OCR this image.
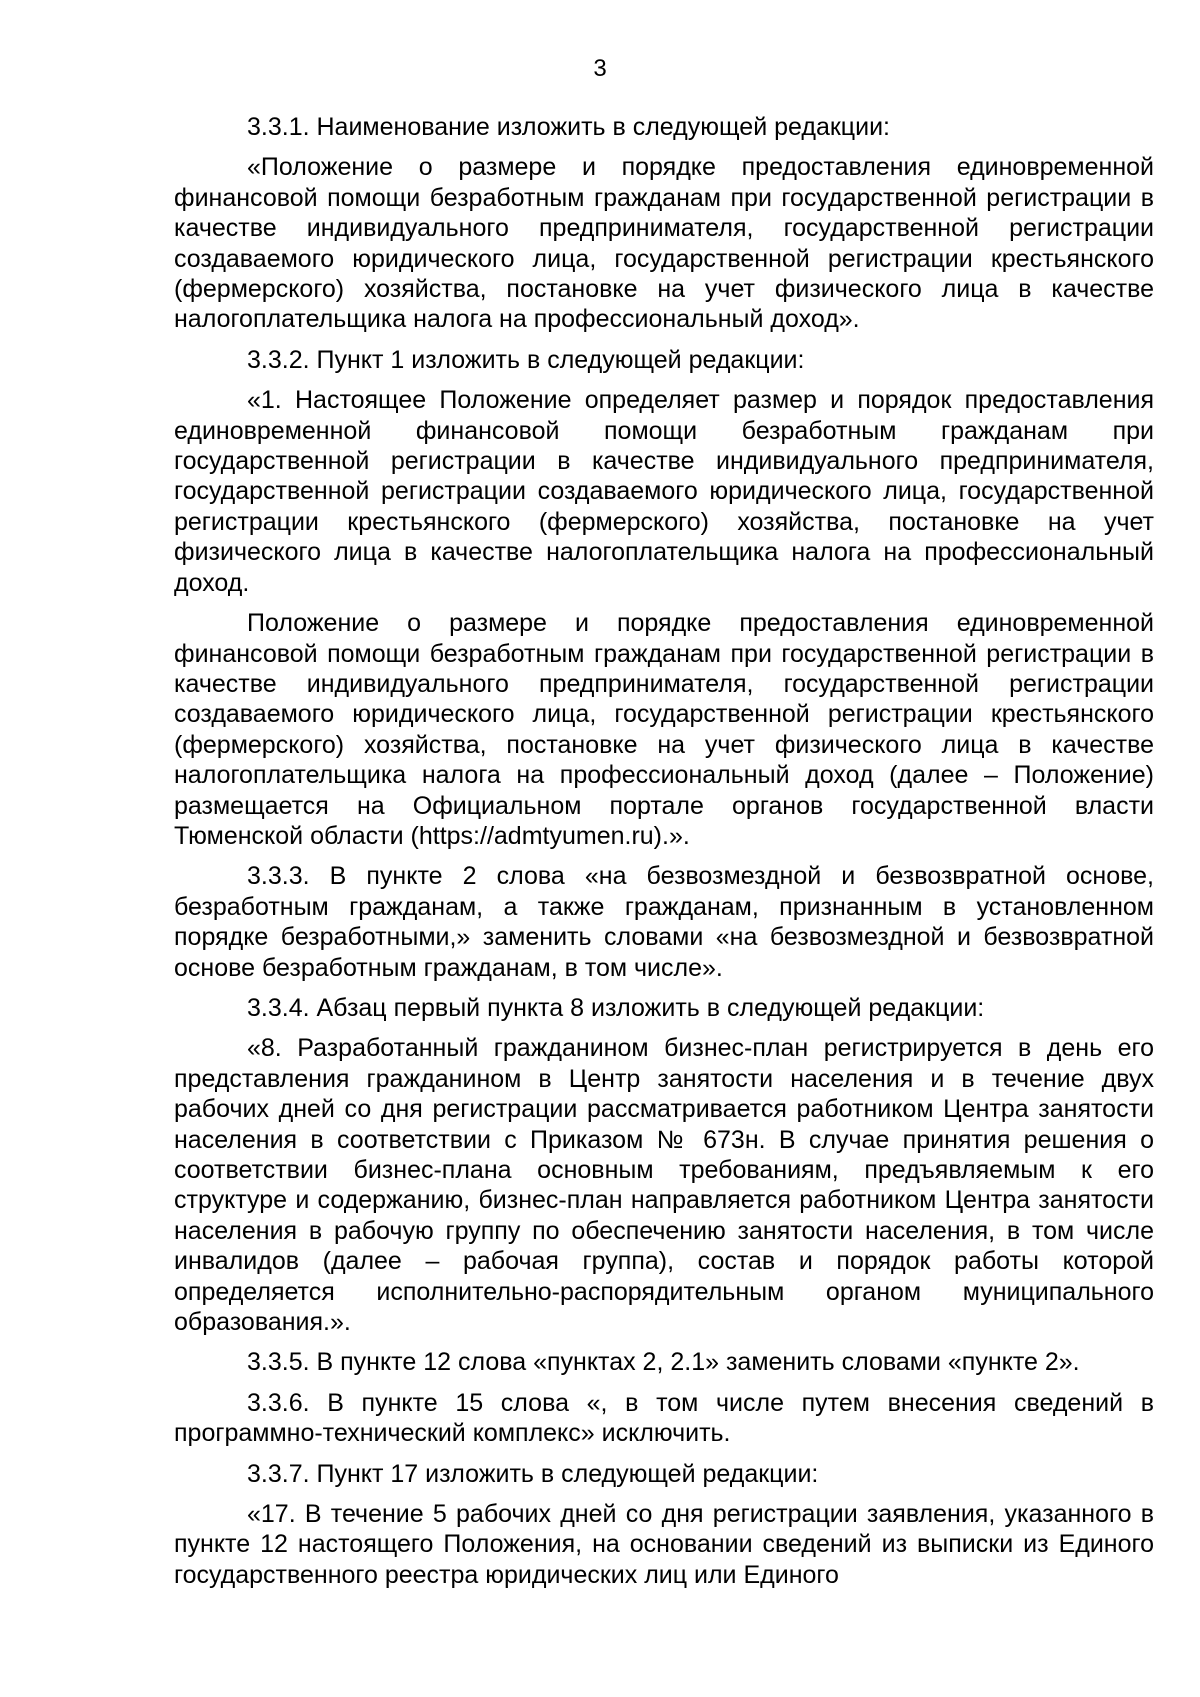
3

3.3.1. Наименование изложить в следующей редакции:

«Положение о размере и порядке предоставления единовременной финансовой помощи безработным гражданам при государственной регистрации в качестве индивидуального предпринимателя, государственной регистрации создаваемого юридического лица, государственной регистрации крестьянского (фермерского) хозяйства, постановке на учет физического лица в качестве налогоплательщика налога на профессиональный доход».

3.3.2. Пункт 1 изложить в следующей редакции:

«1. Настоящее Положение определяет размер и порядок предоставления единовременной финансовой помощи безработным гражданам при государственной регистрации в качестве индивидуального предпринимателя, государственной регистрации создаваемого юридического лица, государственной регистрации крестьянского (фермерского) хозяйства, постановке на учет физического лица в качестве налогоплательщика налога на профессиональный доход.

Положение о размере и порядке предоставления единовременной финансовой помощи безработным гражданам при государственной регистрации в качестве индивидуального предпринимателя, государственной регистрации создаваемого юридического лица, государственной регистрации крестьянского (фермерского) хозяйства, постановке на учет физического лица в качестве налогоплательщика налога на профессиональный доход (далее – Положение) размещается на Официальном портале органов государственной власти Тюменской области (https://admtyumen.ru).».

3.3.3. В пункте 2 слова «на безвозмездной и безвозвратной основе, безработным гражданам, а также гражданам, признанным в установленном порядке безработными,» заменить словами «на безвозмездной и безвозвратной основе безработным гражданам, в том числе».

3.3.4. Абзац первый пункта 8 изложить в следующей редакции:

«8. Разработанный гражданином бизнес-план регистрируется в день его представления гражданином в Центр занятости населения и в течение двух рабочих дней со дня регистрации рассматривается работником Центра занятости населения в соответствии с Приказом № 673н. В случае принятия решения о соответствии бизнес-плана основным требованиям, предъявляемым к его структуре и содержанию, бизнес-план направляется работником Центра занятости населения в рабочую группу по обеспечению занятости населения, в том числе инвалидов (далее – рабочая группа), состав и порядок работы которой определяется исполнительно-распорядительным органом муниципального образования.».

3.3.5. В пункте 12 слова «пунктах 2, 2.1» заменить словами «пункте 2».

3.3.6. В пункте 15 слова «, в том числе путем внесения сведений в программно-технический комплекс» исключить.

3.3.7. Пункт 17 изложить в следующей редакции:

«17. В течение 5 рабочих дней со дня регистрации заявления, указанного в пункте 12 настоящего Положения, на основании сведений из выписки из Единого государственного реестра юридических лиц или Единого
